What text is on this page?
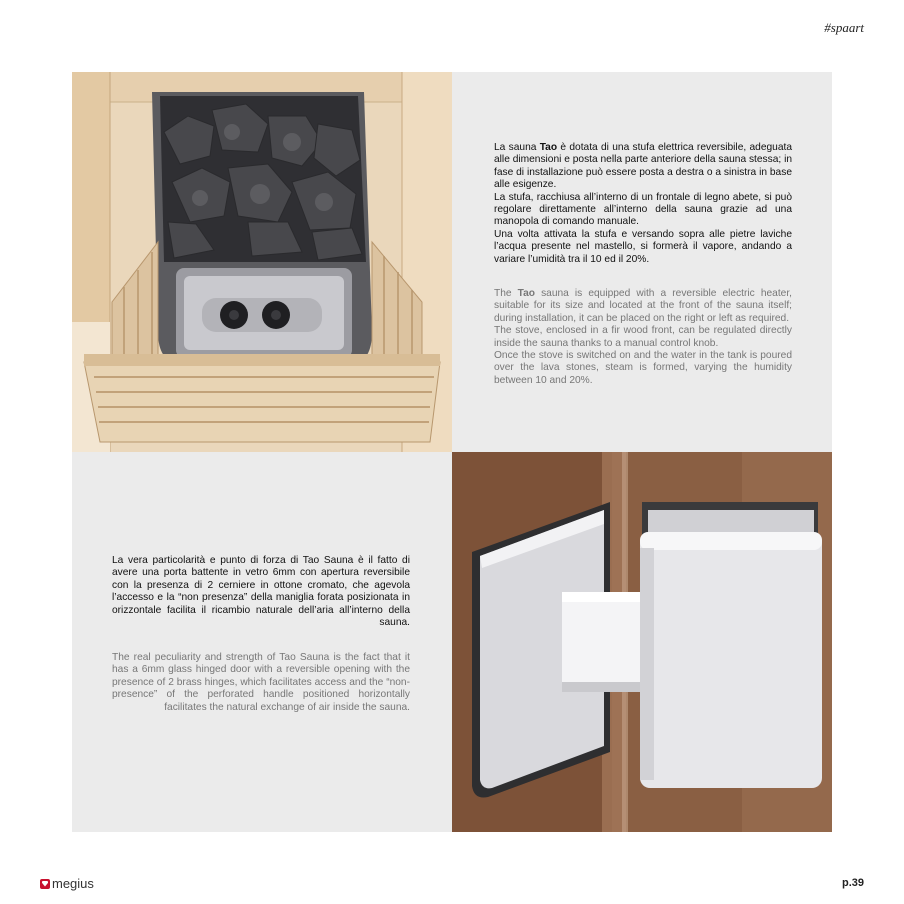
#spaart

La sauna Tao è dotata di una stufa elettrica reversibile, adeguata alle dimensioni e posta nella parte anteriore della sauna stessa; in fase di installazione può essere posta a destra o a sinistra in base alle esigenze.

La stufa, racchiusa all’interno di un frontale di legno abete, si può regolare direttamente all’interno della sauna grazie ad una manopola di comando manuale.

Una volta attivata la stufa e versando sopra alle pietre laviche l’acqua presente nel mastello, si formerà il vapore, andando a variare l’umidità tra il 10 ed il 20%.

The Tao sauna is equipped with a reversible electric heater, suitable for its size and located at the front of the sauna itself; during installation, it can be placed on the right or left as required.

The stove, enclosed in a fir wood front, can be regulated directly inside the sauna thanks to a manual control knob.

Once the stove is switched on and the water in the tank is poured over the lava stones, steam is formed, varying the humidity between 10 and 20%.

La vera particolarità e punto di forza di Tao Sauna è il fatto di avere una porta battente in vetro 6mm con apertura reversibile con la presenza di 2 cerniere in ottone cromato, che agevola l’accesso e la “non presenza” della maniglia forata posizionata in orizzontale facilita il ricambio naturale dell’aria all’interno della sauna.

The real peculiarity and strength of Tao Sauna is the fact that it has a 6mm glass hinged door with a reversible opening with the presence of 2 brass hinges, which facilitates access and the “non-presence” of the perforated handle positioned horizontally facilitates the natural exchange of air inside the sauna.

megius	p.39
